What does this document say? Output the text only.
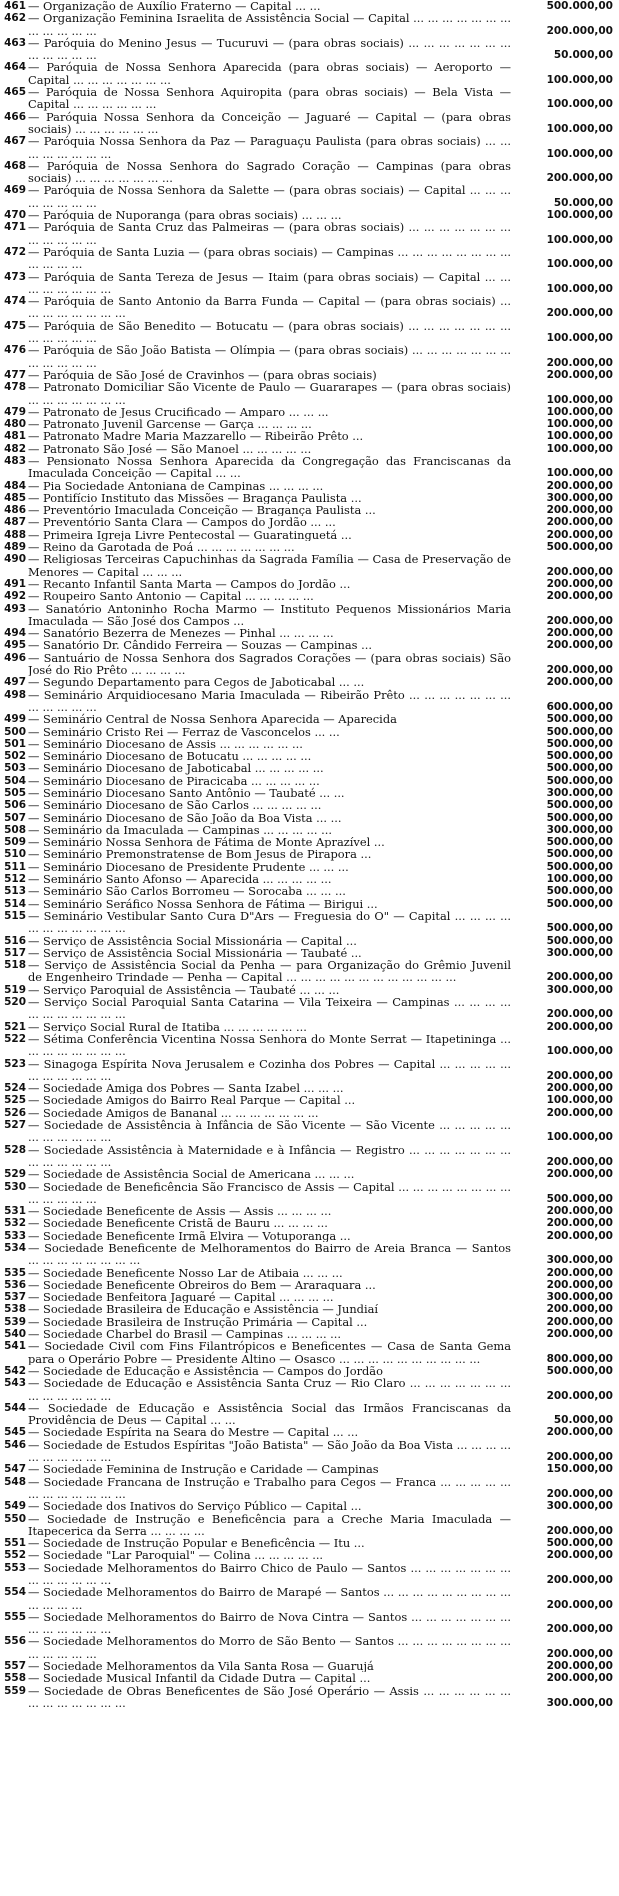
461 — Organização de Auxílio Fraterno — Capital ... ...	500.000,00
462 — Organização Feminina Israelita de Assistência Social — Capital ... ... ... ... ... ... ... ... ... ... ... ...	200.000,00
463 — Paróquia do Menino Jesus — Tucuruvi — (para obras sociais) ... ... ... ... ... ... ... ... ... ... ... ...	50.000,00
464 — Paróquia de Nossa Senhora Aparecida (para obras sociais) — Aeroporto — Capital ... ... ... ... ... ... ...	100.000,00
465 — Paróquia de Nossa Senhora Aquiropita (para obras sociais) — Bela Vista — Capital ... ... ... ... ... ...	100.000,00
466 — Paróquia Nossa Senhora da Conceição — Jaguaré — Capital — (para obras sociais) ... ... ... ... ... ...	100.000,00
467 — Paróquia Nossa Senhora da Paz — Paraguaçu Paulista (para obras sociais) ... ... ... ... ... ... ... ...	100.000,00
468 — Paróquia de Nossa Senhora do Sagrado Coração — Campinas (para obras sociais) ... ... ... ... ... ... ...	200.000,00
469 — Paróquia de Nossa Senhora da Salette — (para obras sociais) — Capital ... ... ... ... ... ... ... ...	50.000,00
470 — Paróquia de Nuporanga (para obras sociais) ... ... ...	100.000,00
471 — Paróquia de Santa Cruz das Palmeiras — (para obras sociais) ... ... ... ... ... ... ... ... ... ... ... ...	100.000,00
472 — Paróquia de Santa Luzia — (para obras sociais) — Campinas ... ... ... ... ... ... ... ... ... ... ... ...	100.000,00
473 — Paróquia de Santa Tereza de Jesus — Itaim (para obras sociais) — Capital ... ... ... ... ... ... ... ...	100.000,00
474 — Paróquia de Santo Antonio da Barra Funda — Capital — (para obras sociais) ... ... ... ... ... ... ... ...	200.000,00
475 — Paróquia de São Benedito — Botucatu — (para obras sociais) ... ... ... ... ... ... ... ... ... ... ... ...	100.000,00
476 — Paróquia de São João Batista — Olímpia — (para obras sociais) ... ... ... ... ... ... ... ... ... ... ... ...	200.000,00
477 — Paróquia de São José de Cravinhos — (para obras sociais)	200.000,00
478 — Patronato Domiciliar São Vicente de Paulo — Guararapes — (para obras sociais) ... ... ... ... ... ... ...	100.000,00
479 — Patronato de Jesus Crucificado — Amparo ... ... ...	100.000,00
480 — Patronato Juvenil Garcense — Garça ... ... ... ...	100.000,00
481 — Patronato Madre Maria Mazzarello — Ribeirão Prêto ...	100.000,00
482 — Patronato São José — São Manoel ... ... ... ... ...	100.000,00
483 — Pensionato Nossa Senhora Aparecida da Congregação das Franciscanas da Imaculada Conceição — Capital ... ...	100.000,00
484 — Pia Sociedade Antoniana de Campinas ... ... ... ...	200.000,00
485 — Pontifício Instituto das Missões — Bragança Paulista ...	300.000,00
486 — Preventório Imaculada Conceição — Bragança Paulista ...	200.000,00
487 — Preventório Santa Clara — Campos do Jordão ... ...	200.000,00
488 — Primeira Igreja Livre Pentecostal — Guaratinguetá ...	200.000,00
489 — Reino da Garotada de Poá ... ... ... ... ... ... ...	500.000,00
490 — Religiosas Terceiras Capuchinhas da Sagrada Família — Casa de Preservação de Menores — Capital ... ... ...	200.000,00
491 — Recanto Infantil Santa Marta — Campos do Jordão ...	200.000,00
492 — Roupeiro Santo Antonio — Capital ... ... ... ... ...	200.000,00
493 — Sanatório Antoninho Rocha Marmo — Instituto Pequenos Missionários Maria Imaculada — São José dos Campos ...	200.000,00
494 — Sanatório Bezerra de Menezes — Pinhal ... ... ... ...	200.000,00
495 — Sanatório Dr. Cândido Ferreira — Souzas — Campinas ...	200.000,00
496 — Santuário de Nossa Senhora dos Sagrados Corações — (para obras sociais) São José do Rio Prêto ... ... ... ...	200.000,00
497 — Segundo Departamento para Cegos de Jaboticabal ... ...	200.000,00
498 — Seminário Arquidiocesano Maria Imaculada — Ribeirão Prêto ... ... ... ... ... ... ... ... ... ... ... ...	600.000,00
499 — Seminário Central de Nossa Senhora Aparecida — Aparecida	500.000,00
500 — Seminário Cristo Rei — Ferraz de Vasconcelos ... ...	500.000,00
501 — Seminário Diocesano de Assis ... ... ... ... ... ...	500.000,00
502 — Seminário Diocesano de Botucatu ... ... ... ... ...	500.000,00
503 — Seminário Diocesano de Jaboticabal ... ... ... ... ...	500.000,00
504 — Seminário Diocesano de Piracicaba ... ... ... ... ...	500.000,00
505 — Seminário Diocesano Santo Antônio — Taubaté ... ...	300.000,00
506 — Seminário Diocesano de São Carlos ... ... ... ... ...	500.000,00
507 — Seminário Diocesano de São João da Boa Vista ... ...	500.000,00
508 — Seminário da Imaculada — Campinas ... ... ... ... ...	300.000,00
509 — Seminário Nossa Senhora de Fátima de Monte Aprazível ...	500.000,00
510 — Seminário Premonstratense de Bom Jesus de Pirapora ...	500.000,00
511 — Seminário Diocesano de Presidente Prudente ... ... ...	500.000,00
512 — Seminário Santo Afonso — Aparecida ... ... ... ... ...	100.000,00
513 — Seminário São Carlos Borromeu — Sorocaba ... ... ...	500.000,00
514 — Seminário Seráfico Nossa Senhora de Fátima — Birigui ...	500.000,00
515 — Seminário Vestibular Santo Cura D"Ars — Freguesia do O" — Capital ... ... ... ... ... ... ... ... ... ... ...	500.000,00
516 — Serviço de Assistência Social Missionária — Capital ...	500.000,00
517 — Serviço de Assistência Social Missionária — Taubaté ...	300.000,00
518 — Serviço de Assistência Social da Penha — para Organização do Grêmio Juvenil de Engenheiro Trindade — Penha — Capital ... ... ... ... ... ... ... ... ... ... ... ...	200.000,00
519 — Serviço Paroquial de Assistência — Taubaté ... ... ...	300.000,00
520 — Serviço Social Paroquial Santa Catarina — Vila Teixeira — Campinas ... ... ... ... ... ... ... ... ... ... ...	200.000,00
521 — Serviço Social Rural de Itatiba ... ... ... ... ... ...	200.000,00
522 — Sétima Conferência Vicentina Nossa Senhora do Monte Serrat — Itapetininga ... ... ... ... ... ... ... ...	100.000,00
523 — Sinagoga Espírita Nova Jerusalem e Cozinha dos Pobres — Capital ... ... ... ... ... ... ... ... ... ... ...	200.000,00
524 — Sociedade Amiga dos Pobres — Santa Izabel ... ... ...	200.000,00
525 — Sociedade Amigos do Bairro Real Parque — Capital ...	100.000,00
526 — Sociedade Amigos de Bananal ... ... ... ... ... ... ...	200.000,00
527 — Sociedade de Assistência à Infância de São Vicente — São Vicente ... ... ... ... ... ... ... ... ... ... ...	100.000,00
528 — Sociedade Assistência à Maternidade e à Infância — Registro ... ... ... ... ... ... ... ... ... ... ... ... ...	200.000,00
529 — Sociedade de Assistência Social de Americana ... ... ...	200.000,00
530 — Sociedade de Beneficência São Francisco de Assis — Capital ... ... ... ... ... ... ... ... ... ... ... ... ...	500.000,00
531 — Sociedade Beneficente de Assis — Assis ... ... ... ...	200.000,00
532 — Sociedade Beneficente Cristã de Bauru ... ... ... ...	200.000,00
533 — Sociedade Beneficente Irmã Elvira — Votuporanga ...	200.000,00
534 — Sociedade Beneficente de Melhoramentos do Bairro de Areia Branca — Santos ... ... ... ... ... ... ... ...	300.000,00
535 — Sociedade Beneficente Nosso Lar de Atibaia ... ... ...	200.000,00
536 — Sociedade Beneficente Obreiros do Bem — Araraquara ...	200.000,00
537 — Sociedade Benfeitora Jaguaré — Capital ... ... ... ...	300.000,00
538 — Sociedade Brasileira de Educação e Assistência — Jundiaí	200.000,00
539 — Sociedade Brasileira de Instrução Primária — Capital ...	200.000,00
540 — Sociedade Charbel do Brasil — Campinas ... ... ... ...	200.000,00
541 — Sociedade Civil com Fins Filantrópicos e Beneficentes — Casa de Santa Gema para o Operário Pobre — Presidente Altino — Osasco ... ... ... ... ... ... ... ... ... ...	800.000,00
542 — Sociedade de Educação e Assistência — Campos do Jordão	500.000,00
543 — Sociedade de Educação e Assistência Santa Cruz — Rio Claro ... ... ... ... ... ... ... ... ... ... ... ... ...	200.000,00
544 — Sociedade de Educação e Assistência Social das Irmãos Franciscanas da Providência de Deus — Capital ... ...	50.000,00
545 — Sociedade Espírita na Seara do Mestre — Capital ... ...	200.000,00
546 — Sociedade de Estudos Espíritas "João Batista" — São João da Boa Vista ... ... ... ... ... ... ... ... ... ...	200.000,00
547 — Sociedade Feminina de Instrução e Caridade — Campinas	150.000,00
548 — Sociedade Francana de Instrução e Trabalho para Cegos — Franca ... ... ... ... ... ... ... ... ... ... ... ...	200.000,00
549 — Sociedade dos Inativos do Serviço Público — Capital ...	300.000,00
550 — Sociedade de Instrução e Beneficência para a Creche Maria Imaculada — Itapecerica da Serra ... ... ... ...	200.000,00
551 — Sociedade de Instrução Popular e Beneficência — Itu ...	500.000,00
552 — Sociedade "Lar Paroquial" — Colina ... ... ... ... ...	200.000,00
553 — Sociedade Melhoramentos do Bairro Chico de Paulo — Santos ... ... ... ... ... ... ... ... ... ... ... ... ...	200.000,00
554 — Sociedade Melhoramentos do Bairro de Marapé — Santos ... ... ... ... ... ... ... ... ... ... ... ... ...	200.000,00
555 — Sociedade Melhoramentos do Bairro de Nova Cintra — Santos ... ... ... ... ... ... ... ... ... ... ... ... ...	200.000,00
556 — Sociedade Melhoramentos do Morro de São Bento — Santos ... ... ... ... ... ... ... ... ... ... ... ... ...	200.000,00
557 — Sociedade Melhoramentos da Vila Santa Rosa — Guarujá	200.000,00
558 — Sociedade Musical Infantil da Cidade Dutra — Capital ...	200.000,00
559 — Sociedade de Obras Beneficentes de São José Operário — Assis ... ... ... ... ... ... ... ... ... ... ... ... ...	300.000,00
